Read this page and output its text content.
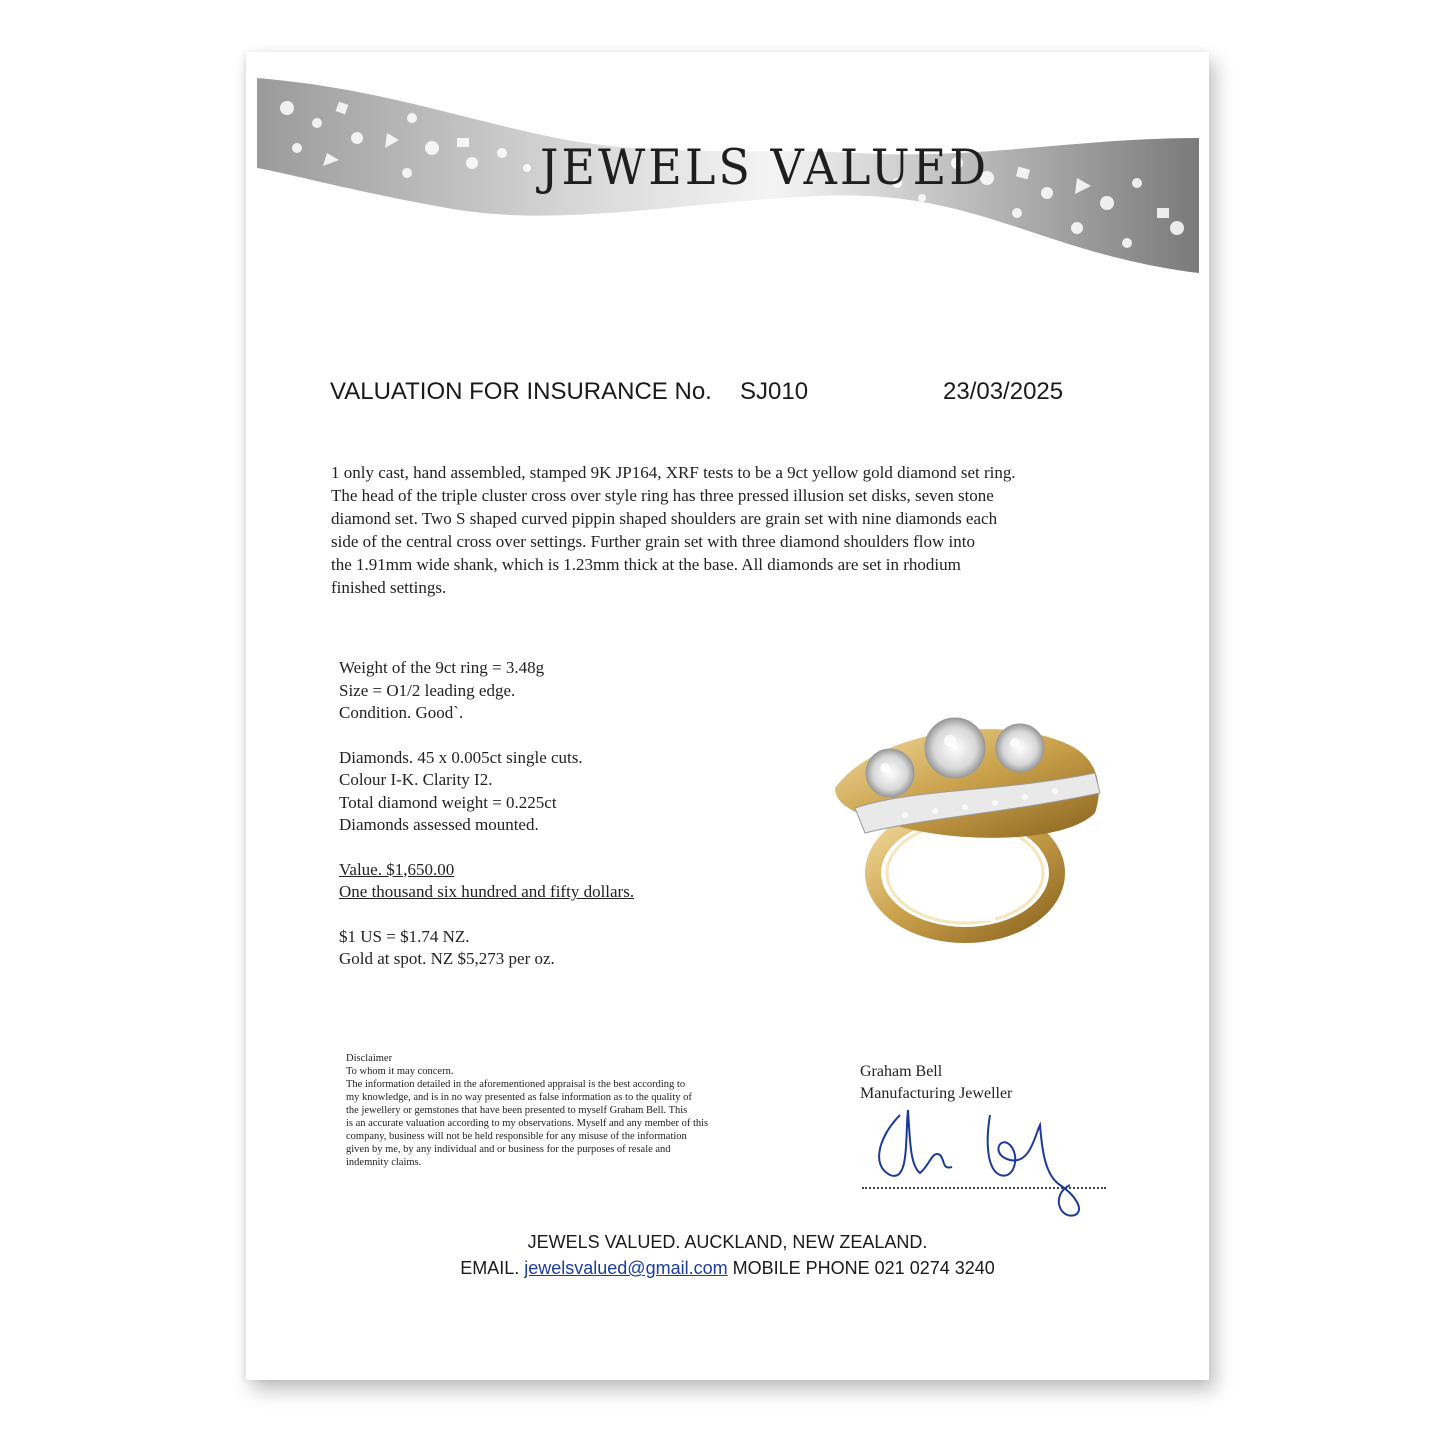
JEWELS VALUED
VALUATION FOR INSURANCE No. SJ010	23/03/2025
1 only cast, hand assembled, stamped 9K JP164, XRF tests to be a 9ct yellow gold diamond set ring.
The head of the triple cluster cross over style ring has three pressed illusion set disks, seven stone
diamond set. Two S shaped curved pippin shaped shoulders are grain set with nine diamonds each
side of the central cross over settings. Further grain set with three diamond shoulders flow into
the 1.91mm wide shank, which is 1.23mm thick at the base. All diamonds are set in rhodium
finished settings.
Weight of the 9ct ring = 3.48g
Size = O1/2 leading edge.
Condition. Good`.
Diamonds. 45 x 0.005ct single cuts.
Colour I-K. Clarity I2.
Total diamond weight = 0.225ct
Diamonds assessed mounted.
Value. $1,650.00
One thousand six hundred and fifty dollars.
$1 US = $1.74 NZ.
Gold at spot. NZ $5,273 per oz.
Disclaimer
To whom it may concern.
The information detailed in the aforementioned appraisal is the best according to
my knowledge, and is in no way presented as false information as to the quality of
the jewellery or gemstones that have been presented to myself Graham Bell. This
is an accurate valuation according to my observations. Myself and any member of this
company, business will not be held responsible for any misuse of the information
given by me, by any individual and or business for the purposes of resale and
indemnity claims.
Graham Bell
Manufacturing Jeweller
JEWELS VALUED. AUCKLAND, NEW ZEALAND.
EMAIL. jewelsvalued@gmail.com MOBILE PHONE 021 0274 3240
